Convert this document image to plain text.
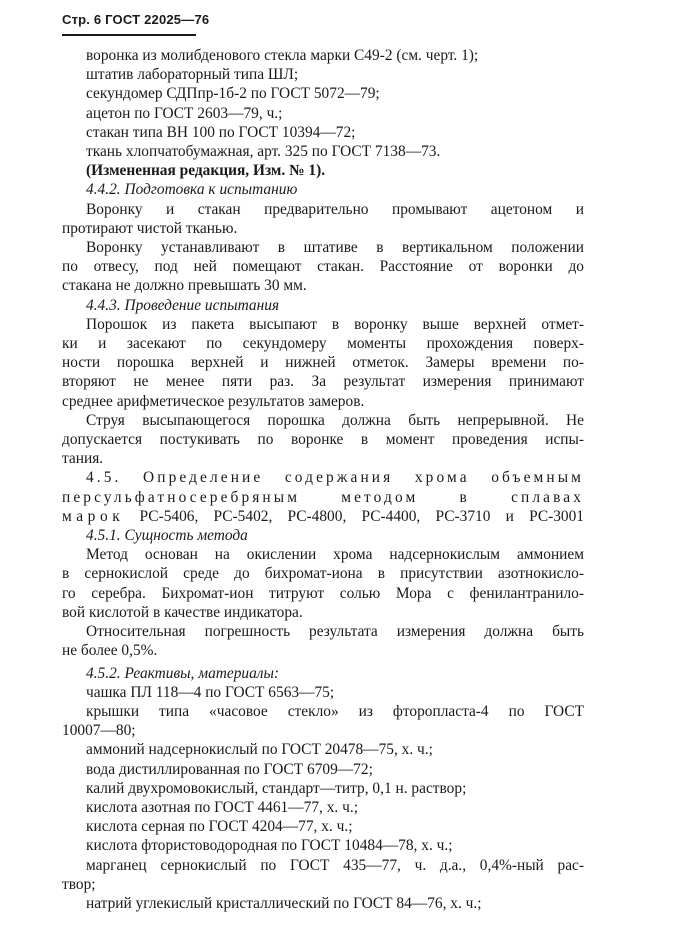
Стр. 6 ГОСТ 22025—76

воронка из молибденового стекла марки С49-2 (см. черт. 1);

штатив лабораторный типа ШЛ;

секундомер СДПпр-1б-2 по ГОСТ 5072—79;

ацетон по ГОСТ 2603—79, ч.;

стакан типа ВН 100 по ГОСТ 10394—72;

ткань хлопчатобумажная, арт. 325 по ГОСТ 7138—73.

(Измененная редакция, Изм. № 1).

4.4.2. Подготовка к испытанию

Воронку и стакан предварительно промывают ацетоном и

протирают чистой тканью.

Воронку устанавливают в штативе в вертикальном положении

по отвесу, под ней помещают стакан. Расстояние от воронки до

стакана не должно превышать 30 мм.

4.4.3. Проведение испытания

Порошок из пакета высыпают в воронку выше верхней отмет-

ки и засекают по секундомеру моменты прохождения поверх-

ности порошка верхней и нижней отметок. Замеры времени по-

вторяют не менее пяти раз. За результат измерения принимают

среднее арифметическое результатов замеров.

Струя высыпающегося порошка должна быть непрерывной. Не

допускается постукивать по воронке в момент проведения испы-

тания.

4.5. Определение содержания хрома объемным

персульфатносеребряным методом в сплавах

марок РС-5406, РС-5402, РС-4800, РС-4400, РС-3710 и РС-3001

4.5.1. Сущность метода

Метод основан на окислении хрома надсернокислым аммонием

в сернокислой среде до бихромат-иона в присутствии азотнокисло-

го серебра. Бихромат-ион титруют солью Мора с фенилантранило-

вой кислотой в качестве индикатора.

Относительная погрешность результата измерения должна быть

не более 0,5%.

4.5.2. Реактивы, материалы:

чашка ПЛ 118—4 по ГОСТ 6563—75;

крышки типа «часовое стекло» из фторопласта-4 по ГОСТ

10007—80;

аммоний надсернокислый по ГОСТ 20478—75, х. ч.;

вода дистиллированная по ГОСТ 6709—72;

калий двухромовокислый, стандарт—титр, 0,1 н. раствор;

кислота азотная по ГОСТ 4461—77, х. ч.;

кислота серная по ГОСТ 4204—77, х. ч.;

кислота фтористоводородная по ГОСТ 10484—78, х. ч.;

марганец сернокислый по ГОСТ 435—77, ч. д.а., 0,4%-ный рас-

твор;

натрий углекислый кристаллический по ГОСТ 84—76, х. ч.;
